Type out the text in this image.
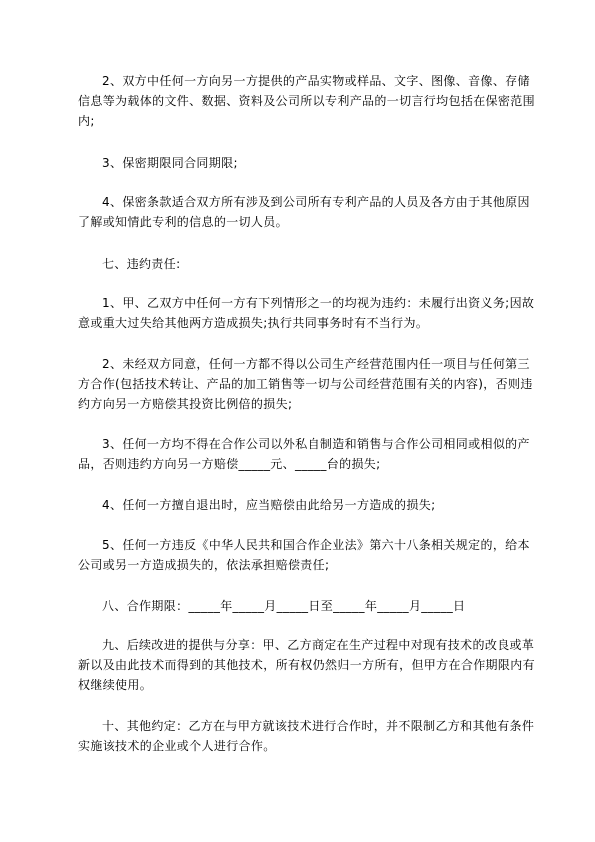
2、双方中任何一方向另一方提供的产品实物或样品、文字、图像、音像、存储
信息等为载体的文件、数据、资料及公司所以专利产品的一切言行均包括在保密范围
内;
3、保密期限同合同期限;
4、保密条款适合双方所有涉及到公司所有专利产品的人员及各方由于其他原因
了解或知情此专利的信息的一切人员。
七、违约责任:
1、甲、乙双方中任何一方有下列情形之一的均视为违约：未履行出资义务;因故
意或重大过失给其他两方造成损失;执行共同事务时有不当行为。
2、未经双方同意，任何一方都不得以公司生产经营范围内任一项目与任何第三
方合作(包括技术转让、产品的加工销售等一切与公司经营范围有关的内容)，否则违
约方向另一方赔偿其投资比例倍的损失;
3、任何一方均不得在合作公司以外私自制造和销售与合作公司相同或相似的产
品，否则违约方向另一方赔偿_____元、_____台的损失;
4、任何一方擅自退出时，应当赔偿由此给另一方造成的损失;
5、任何一方违反《中华人民共和国合作企业法》第六十八条相关规定的，给本
公司或另一方造成损失的，依法承担赔偿责任;
八、合作期限：_____年_____月_____日至_____年_____月_____日
九、后续改进的提供与分享：甲、乙方商定在生产过程中对现有技术的改良或革
新以及由此技术而得到的其他技术，所有权仍然归一方所有，但甲方在合作期限内有
权继续使用。
十、其他约定：乙方在与甲方就该技术进行合作时，并不限制乙方和其他有条件
实施该技术的企业或个人进行合作。
